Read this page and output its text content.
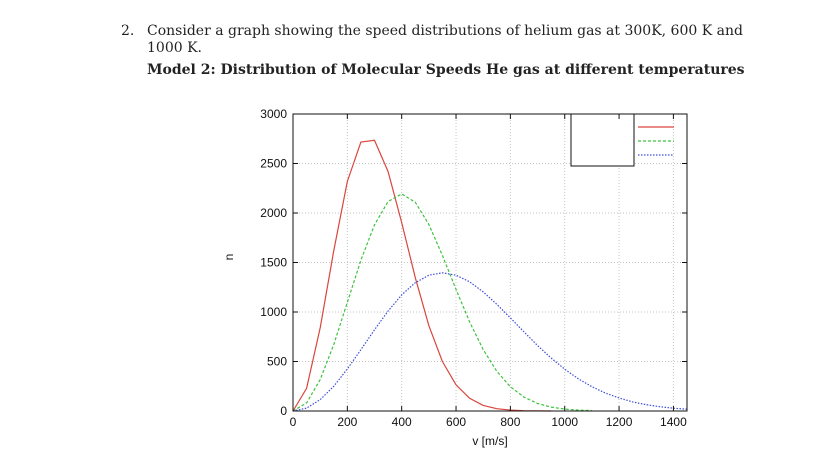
2. Consider a graph showing the speed distributions of helium gas at 300K, 600 K and 1000 K.
Model 2: Distribution of Molecular Speeds He gas at different temperatures
0	200	400	600	800	1000 1200 1400
0
500
1000
1500
2000
2500
3000
v [m/s]
n
